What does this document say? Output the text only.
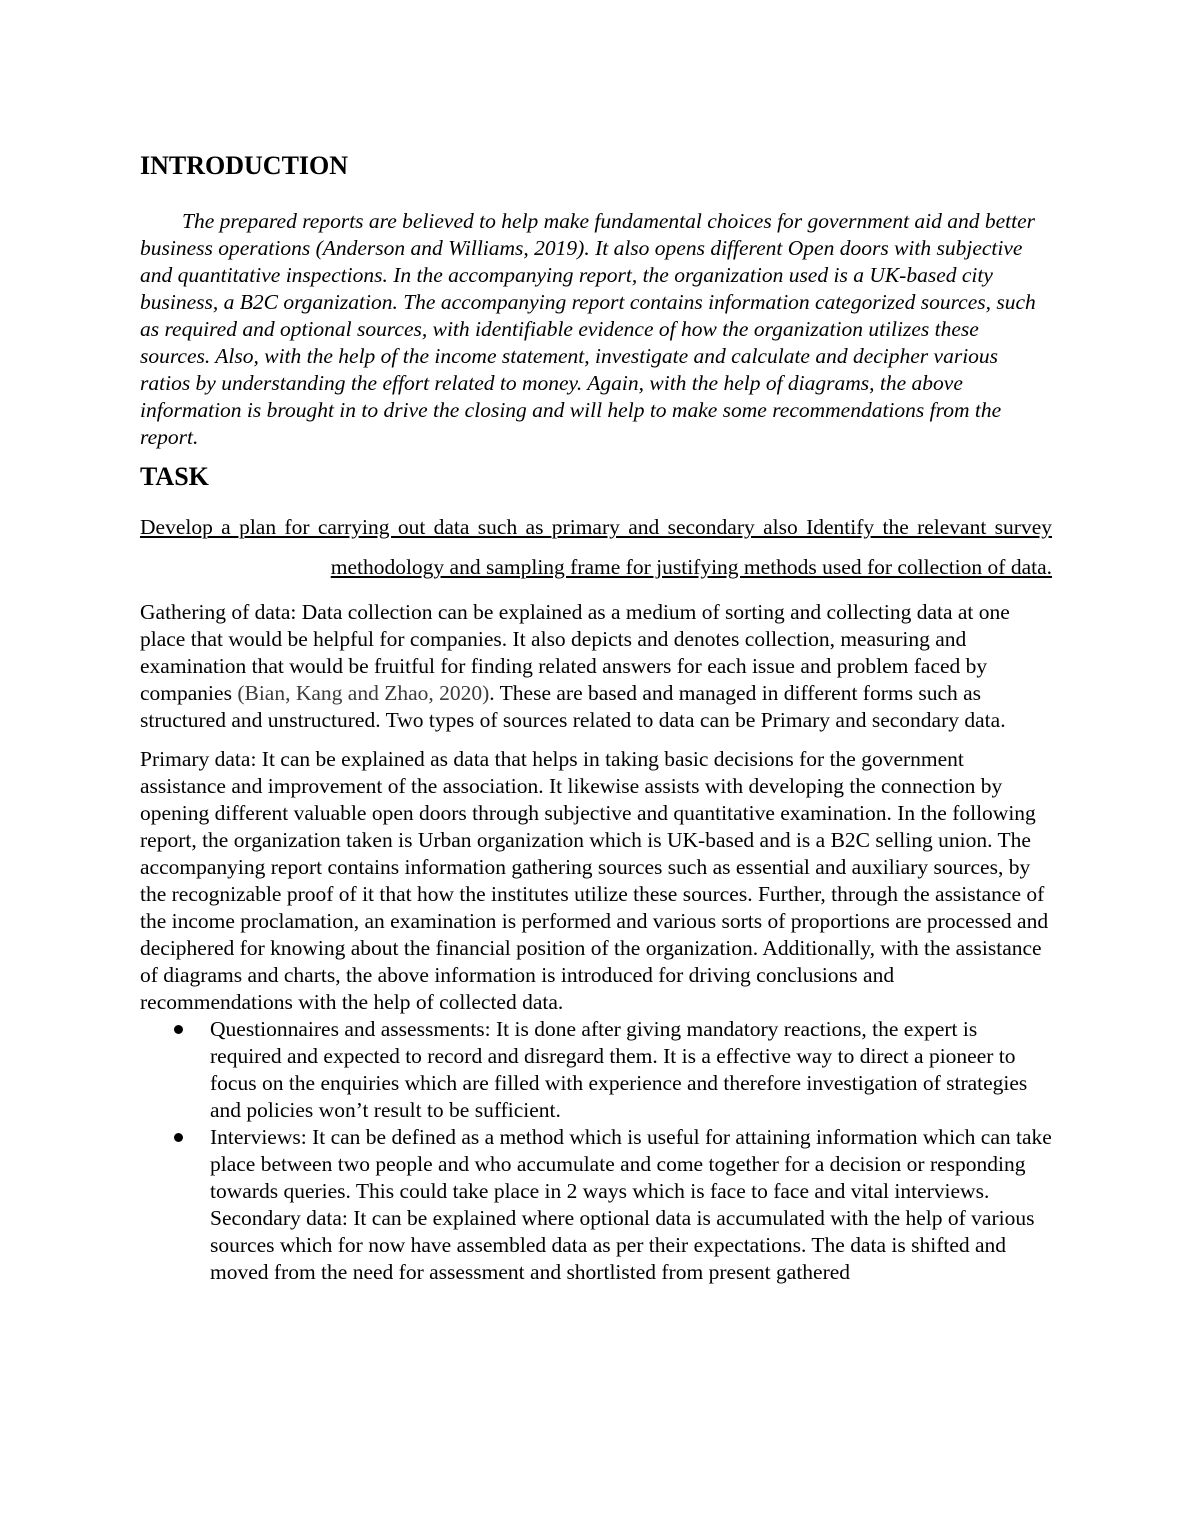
INTRODUCTION

The prepared reports are believed to help make fundamental choices for government aid and better business operations (Anderson and Williams, 2019). It also opens different Open doors with subjective and quantitative inspections. In the accompanying report, the organization used is a UK-based city business, a B2C organization. The accompanying report contains information categorized sources, such as required and optional sources, with identifiable evidence of how the organization utilizes these sources. Also, with the help of the income statement, investigate and calculate and decipher various ratios by understanding the effort related to money. Again, with the help of diagrams, the above information is brought in to drive the closing and will help to make some recommendations from the report.

TASK

Develop a plan for carrying out data such as primary and secondary also Identify the relevant survey methodology and sampling frame for justifying methods used for collection of data.

Gathering of data: Data collection can be explained as a medium of sorting and collecting data at one place that would be helpful for companies. It also depicts and denotes collection, measuring and examination that would be fruitful for finding related answers for each issue and problem faced by companies (Bian, Kang and Zhao, 2020). These are based and managed in different forms such as structured and unstructured. Two types of sources related to data can be Primary and secondary data.

Primary data: It can be explained as data that helps in taking basic decisions for the government assistance and improvement of the association. It likewise assists with developing the connection by opening different valuable open doors through subjective and quantitative examination. In the following report, the organization taken is Urban organization which is UK-based and is a B2C selling union. The accompanying report contains information gathering sources such as essential and auxiliary sources, by the recognizable proof of it that how the institutes utilize these sources. Further, through the assistance of the income proclamation, an examination is performed and various sorts of proportions are processed and deciphered for knowing about the financial position of the organization. Additionally, with the assistance of diagrams and charts, the above information is introduced for driving conclusions and recommendations with the help of collected data.

Questionnaires and assessments: It is done after giving mandatory reactions, the expert is required and expected to record and disregard them. It is a effective way to direct a pioneer to focus on the enquiries which are filled with experience and therefore investigation of strategies and policies won’t result to be sufficient.
Interviews: It can be defined as a method which is useful for attaining information which can take place between two people and who accumulate and come together for a decision or responding towards queries. This could take place in 2 ways which is face to face and vital interviews.

Secondary data: It can be explained where optional data is accumulated with the help of various sources which for now have assembled data as per their expectations. The data is shifted and moved from the need for assessment and shortlisted from present gathered
